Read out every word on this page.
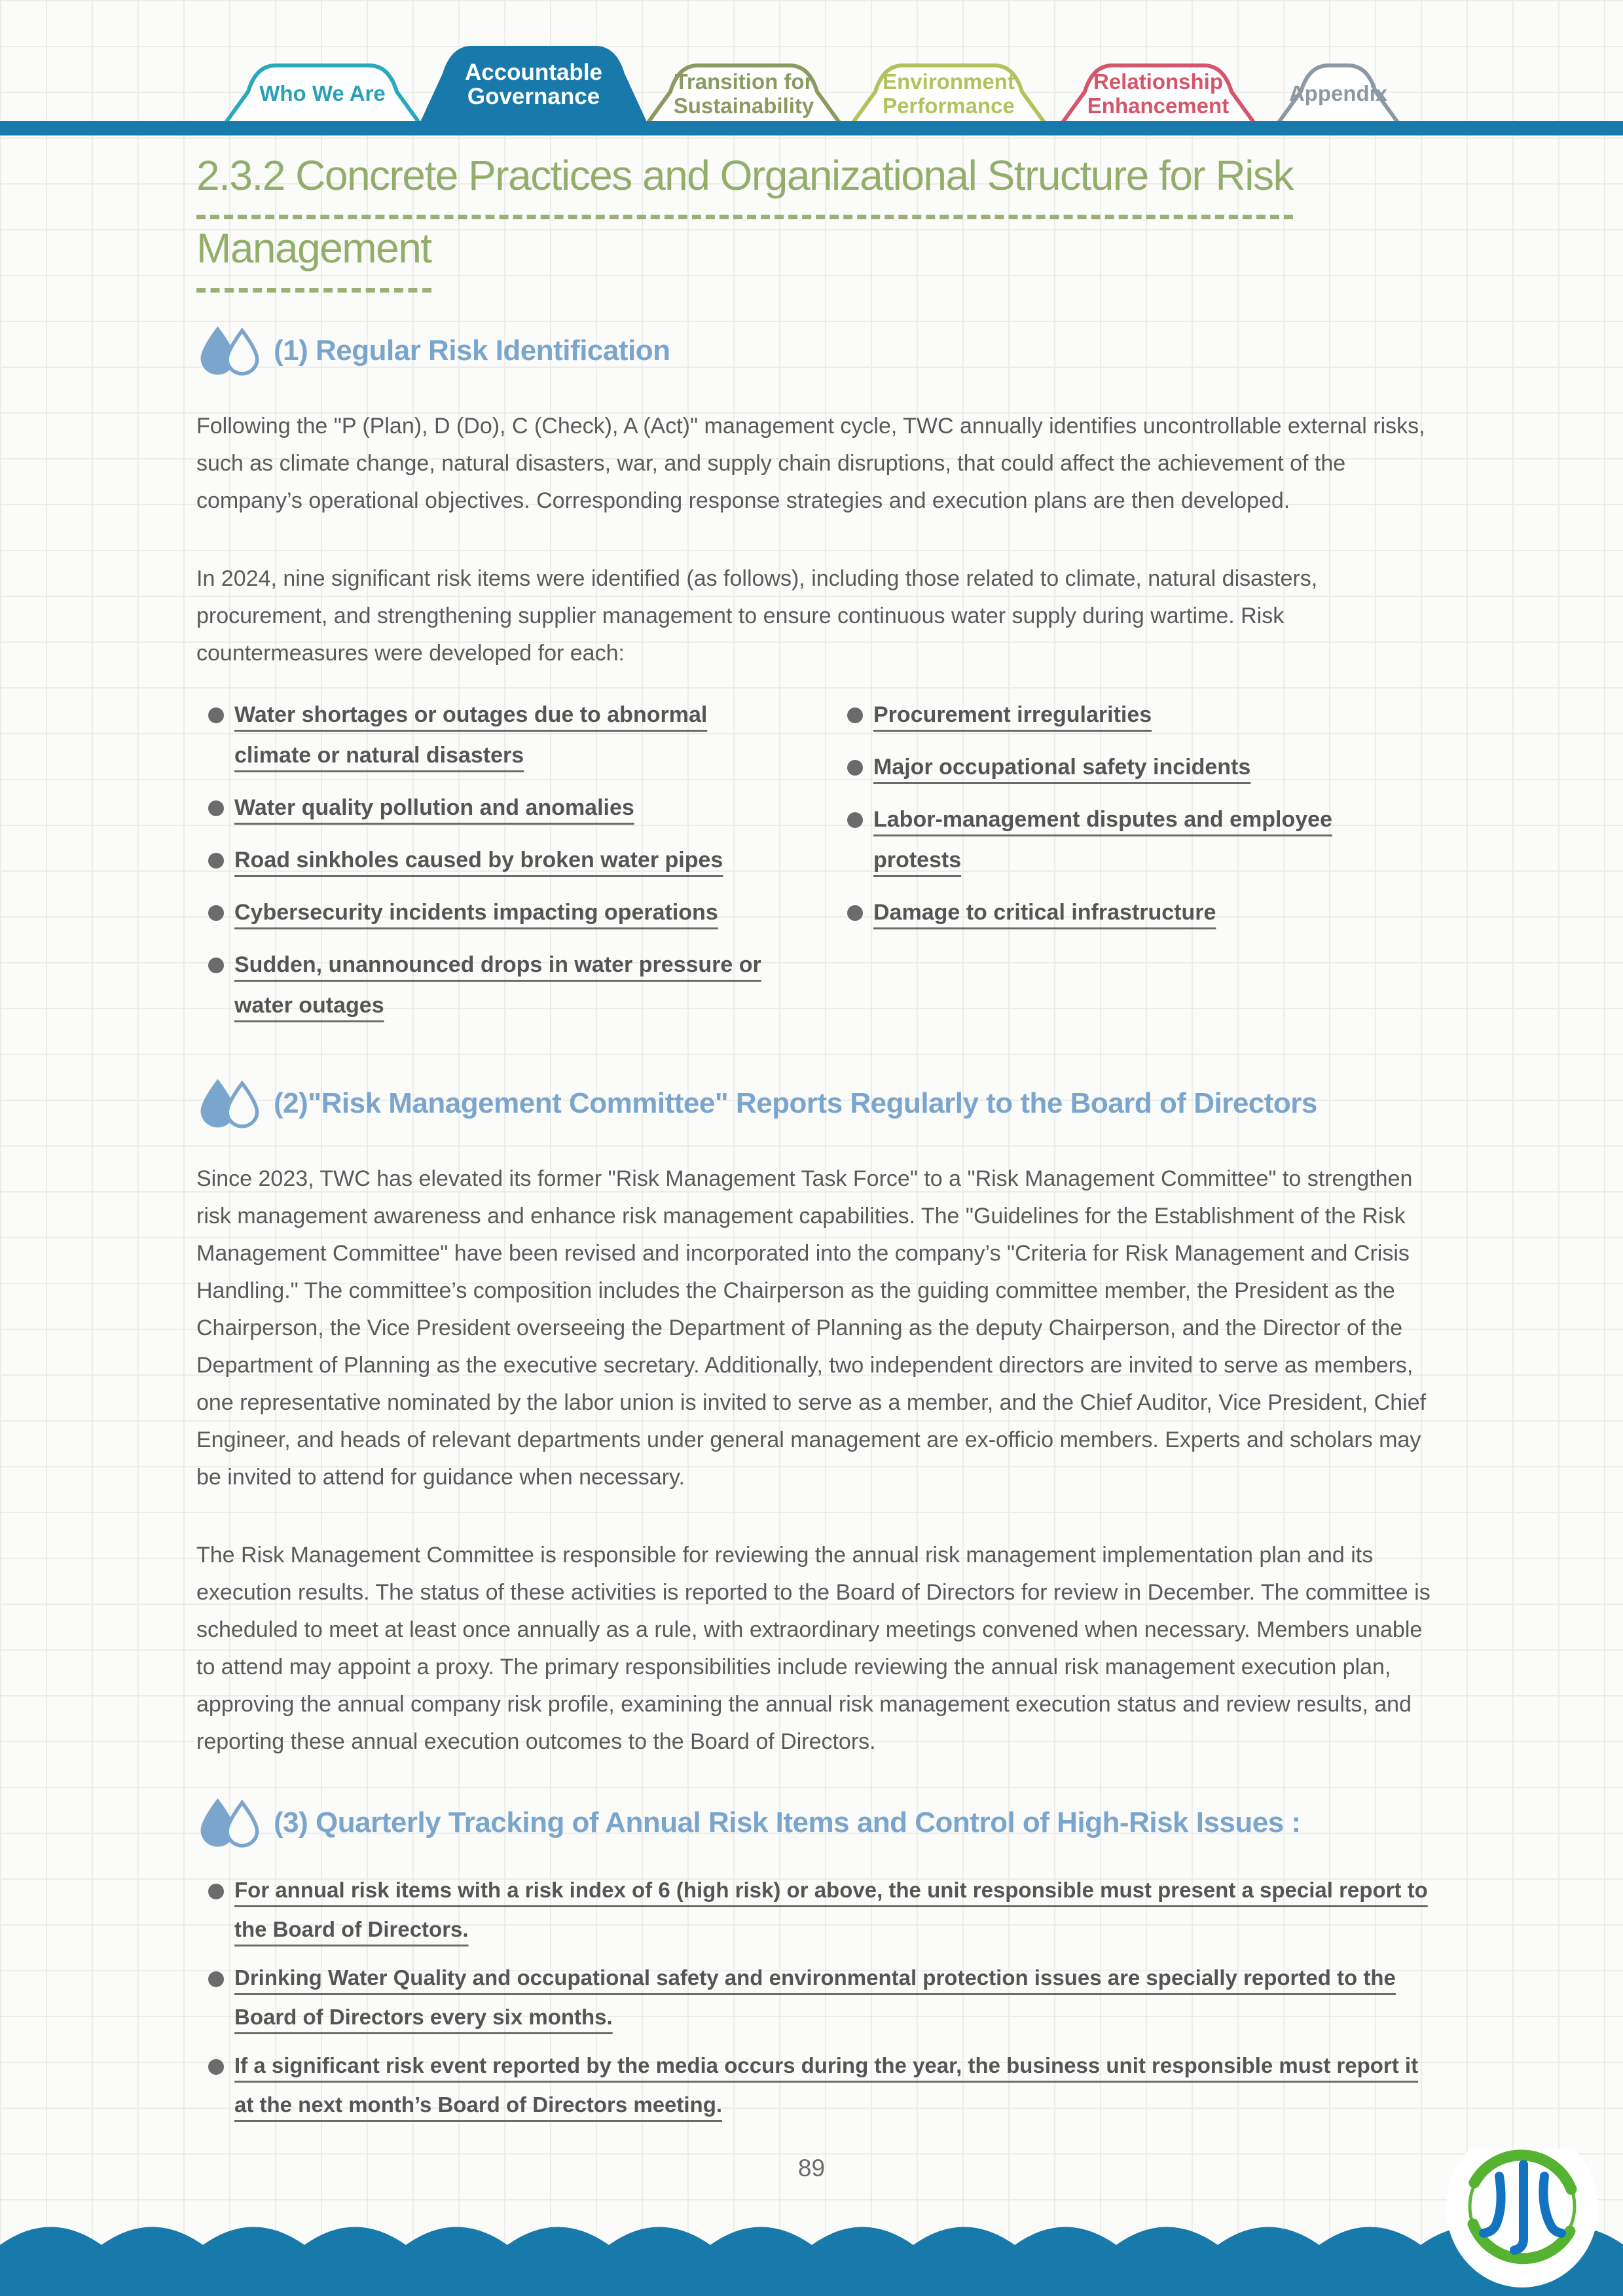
Who We Are
Accountable
Governance
Transition for
Sustainability
Environment
Performance
Relationship
Enhancement	Appendix
2.3.2 Concrete Practices and Organizational Structure for Risk
Management
(1) Regular Risk Identification

Following the "P (Plan), D (Do), C (Check), A (Act)" management cycle, TWC annually identifies uncontrollable external risks, such as climate change, natural disasters, war, and supply chain disruptions, that could affect the achievement of the company’s operational objectives. Corresponding response strategies and execution plans are then developed.

In 2024, nine significant risk items were identified (as follows), including those related to climate, natural disasters, procurement, and strengthening supplier management to ensure continuous water supply during wartime. Risk countermeasures were developed for each:

Water shortages or outages due to abnormal climate or natural disasters
Water quality pollution and anomalies
Road sinkholes caused by broken water pipes
Cybersecurity incidents impacting operations
Sudden, unannounced drops in water pressure or water outages
Procurement irregularities
Major occupational safety incidents
Labor-management disputes and employee protests
Damage to critical infrastructure
(2)"Risk Management Committee" Reports Regularly to the Board of Directors

Since 2023, TWC has elevated its former "Risk Management Task Force" to a "Risk Management Committee" to strengthen risk management awareness and enhance risk management capabilities. The "Guidelines for the Establishment of the Risk Management Committee" have been revised and incorporated into the company’s "Criteria for Risk Management and Crisis Handling." The committee’s composition includes the Chairperson as the guiding committee member, the President as the Chairperson, the Vice President overseeing the Department of Planning as the deputy Chairperson, and the Director of the Department of Planning as the executive secretary. Additionally, two independent directors are invited to serve as members, one representative nominated by the labor union is invited to serve as a member, and the Chief Auditor, Vice President, Chief Engineer, and heads of relevant departments under general management are ex-officio members. Experts and scholars may be invited to attend for guidance when necessary.

The Risk Management Committee is responsible for reviewing the annual risk management implementation plan and its execution results. The status of these activities is reported to the Board of Directors for review in December. The committee is scheduled to meet at least once annually as a rule, with extraordinary meetings convened when necessary. Members unable to attend may appoint a proxy. The primary responsibilities include reviewing the annual risk management execution plan, approving the annual company risk profile, examining the annual risk management execution status and review results, and reporting these annual execution outcomes to the Board of Directors.

(3) Quarterly Tracking of Annual Risk Items and Control of High-Risk Issues :
For annual risk items with a risk index of 6 (high risk) or above, the unit responsible must present a special report to the Board of Directors.
Drinking Water Quality and occupational safety and environmental protection issues are specially reported to the Board of Directors every six months.
If a significant risk event reported by the media occurs during the year, the business unit responsible must report it at the next month’s Board of Directors meeting.
89
